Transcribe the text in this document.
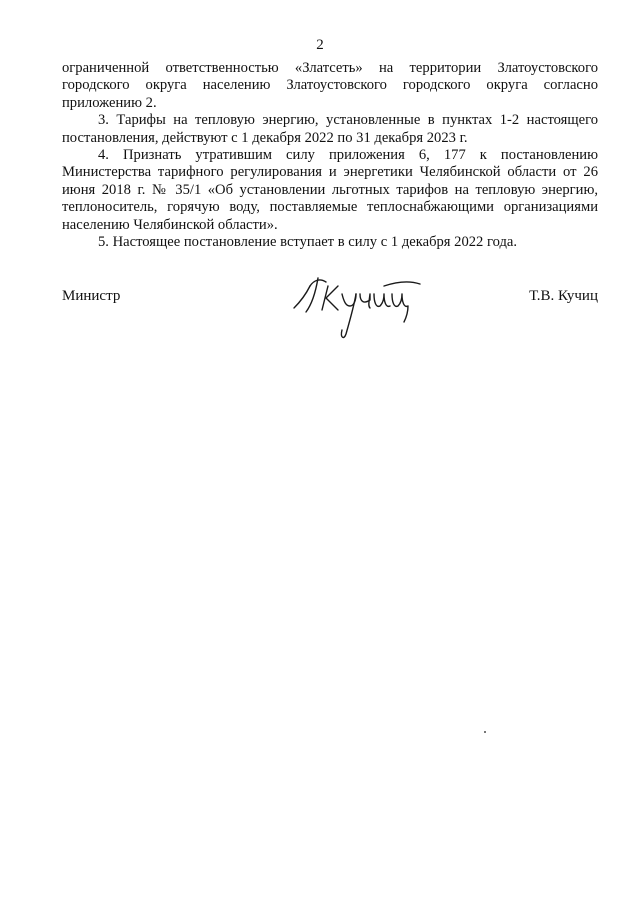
2

ограниченной ответственностью «Златсеть» на территории Златоустовского городского округа населению Златоустовского городского округа согласно приложению 2.

3. Тарифы на тепловую энергию, установленные в пунктах 1-2 настоящего постановления, действуют с 1 декабря 2022 по 31 декабря 2023 г.

4. Признать утратившим силу приложения 6, 177 к постановлению Министерства тарифного регулирования и энергетики Челябинской области от 26 июня 2018 г. № 35/1 «Об установлении льготных тарифов на тепловую энергию, теплоноситель, горячую воду, поставляемые теплоснабжающими организациями населению Челябинской области».

5. Настоящее постановление вступает в силу с 1 декабря 2022 года.

Министр	Т.В. Кучиц
